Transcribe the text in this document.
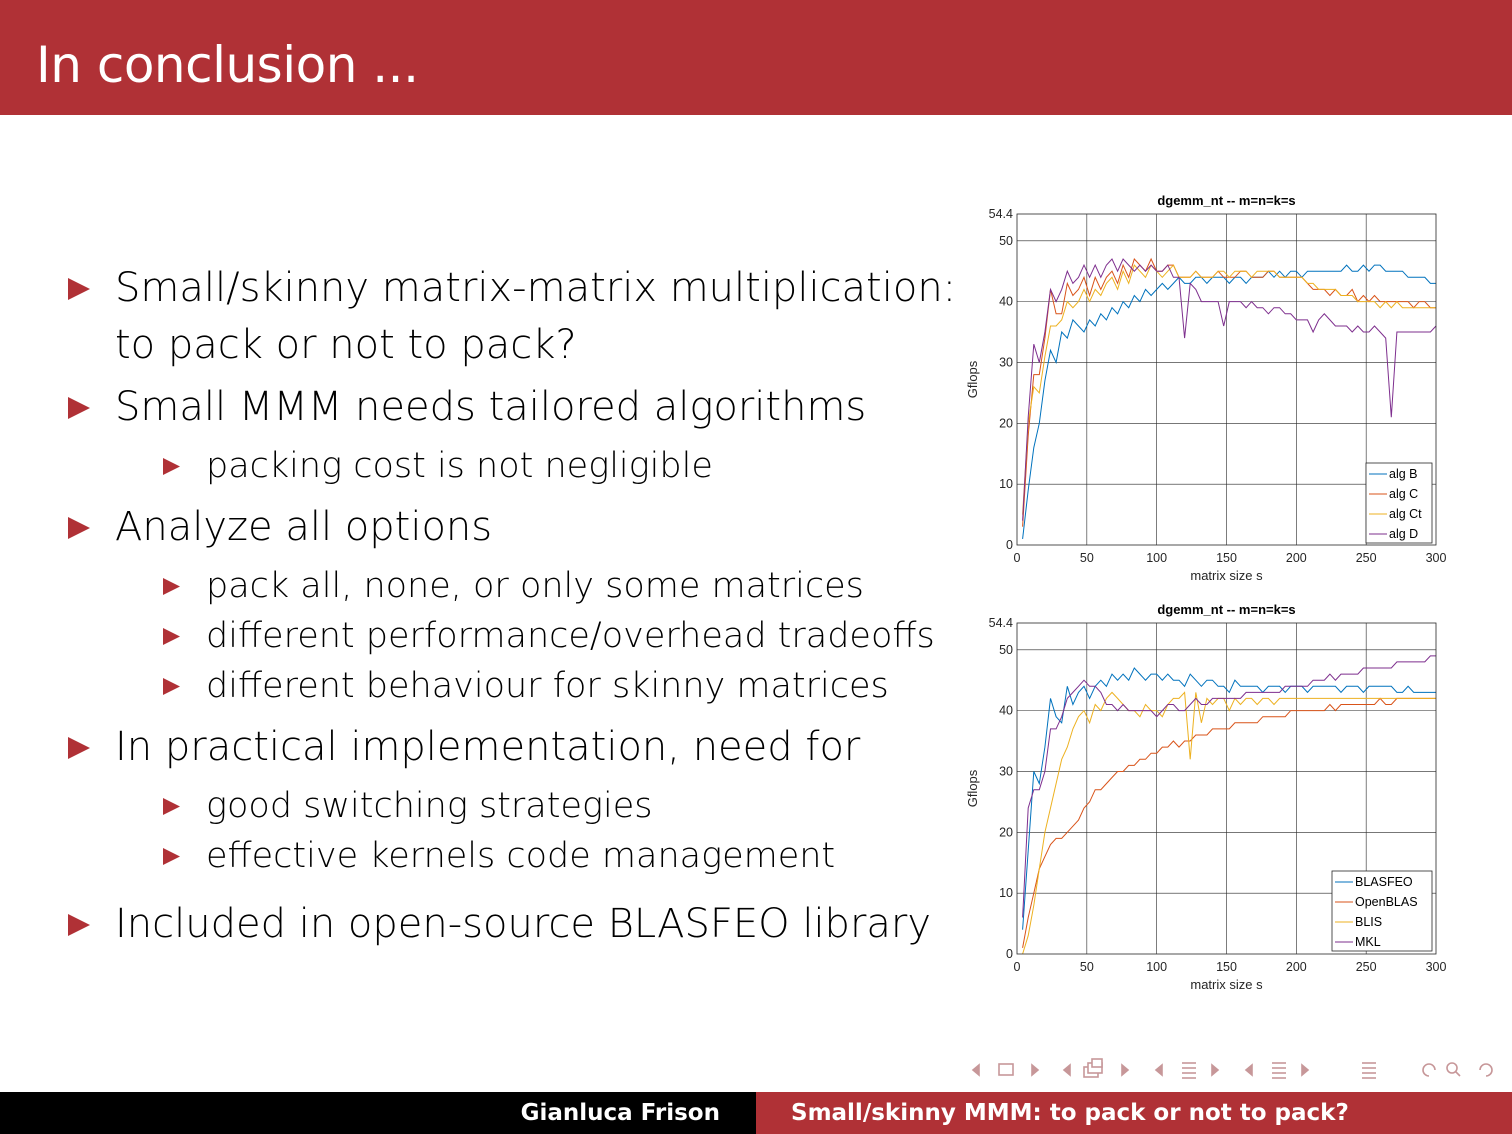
In conclusion ...
Small/skinny matrix-matrix multiplication:
to pack or not to pack?
Small MMM needs tailored algorithms
packing cost is not negligible
Analyze all options
pack all, none, or only some matrices
different performance/overhead tradeoffs
different behaviour for skinny matrices
In practical implementation, need for
good switching strategies
effective kernels code management
Included in open-source BLASFEO library
0	50	100	150	200	250	300
0
10
20
30
40
50
54.4
dgemm_nt -- m=n=k=s
matrix size s
Gflops
alg B
alg C
alg Ct
alg D
0	50	100	150	200	250	300
0
10
20
30
40
50
54.4
dgemm_nt -- m=n=k=s
matrix size s
Gflops
BLASFEO
OpenBLAS
BLIS
MKL
Gianluca Frison	Small/skinny MMM: to pack or not to pack?
